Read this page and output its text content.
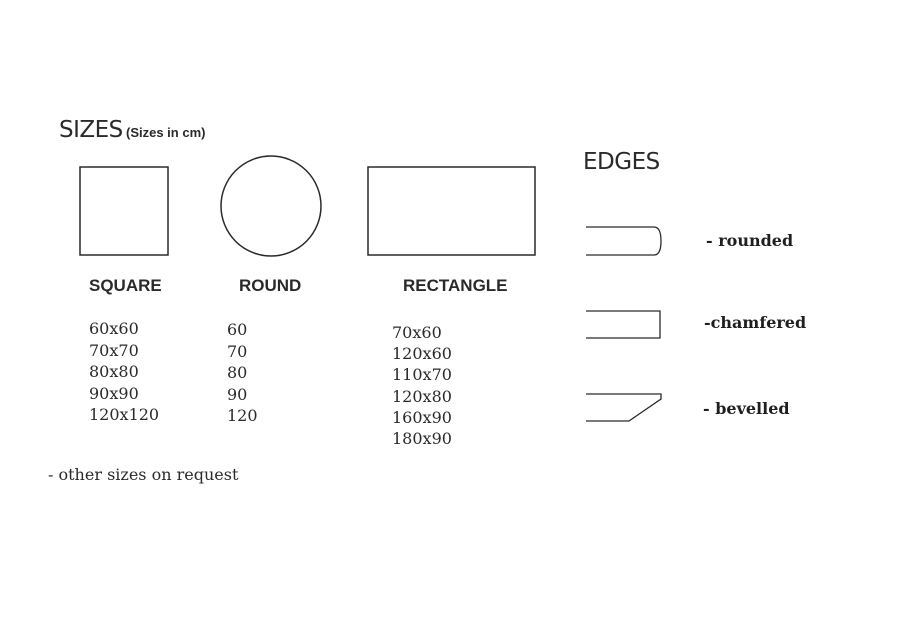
SIZES (Sizes in cm)
SQUARE	ROUND	RECTANGLE
60x60
70x70
80x80
90x90
120x120
60
70
80
90
120
70x60
120x60
110x70
120x80
160x90
180x90
EDGES
- rounded
-chamfered
- bevelled
- other sizes on request
